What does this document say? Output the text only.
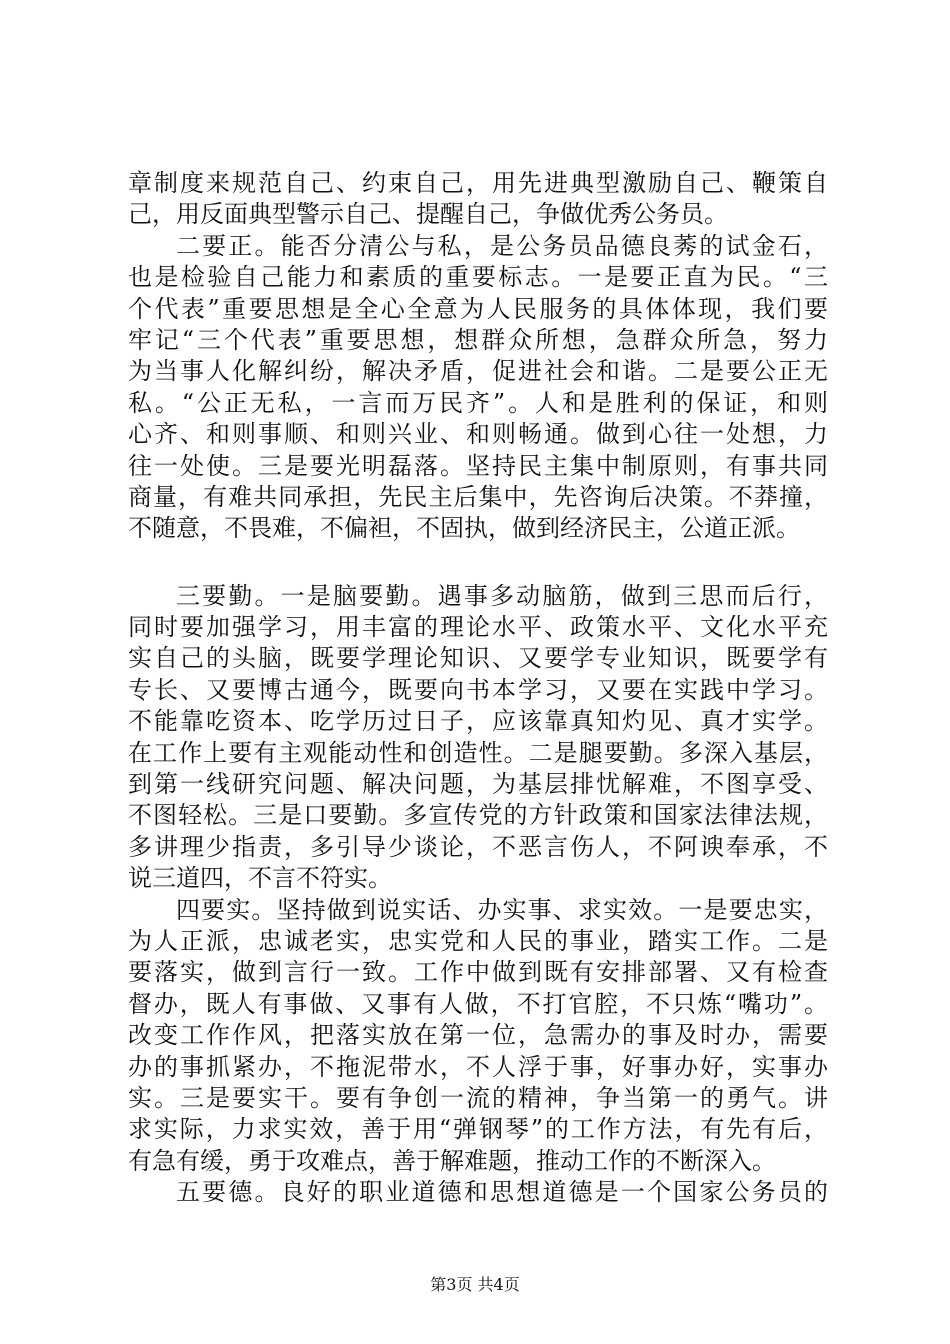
章制度来规范自己、约束自己，用先进典型激励自己、鞭策自
己，用反面典型警示自己、提醒自己，争做优秀公务员。
二要正。能否分清公与私，是公务员品德良莠的试金石，
也是检验自己能力和素质的重要标志。一是要正直为民。“三
个代表”重要思想是全心全意为人民服务的具体体现，我们要
牢记“三个代表”重要思想，想群众所想，急群众所急，努力
为当事人化解纠纷，解决矛盾，促进社会和谐。二是要公正无
私。“公正无私，一言而万民齐”。人和是胜利的保证，和则
心齐、和则事顺、和则兴业、和则畅通。做到心往一处想，力
往一处使。三是要光明磊落。坚持民主集中制原则，有事共同
商量，有难共同承担，先民主后集中，先咨询后决策。不莽撞，
不随意，不畏难，不偏袒，不固执，做到经济民主，公道正派。
三要勤。一是脑要勤。遇事多动脑筋，做到三思而后行，
同时要加强学习，用丰富的理论水平、政策水平、文化水平充
实自己的头脑，既要学理论知识、又要学专业知识，既要学有
专长、又要博古通今，既要向书本学习，又要在实践中学习。
不能靠吃资本、吃学历过日子，应该靠真知灼见、真才实学。
在工作上要有主观能动性和创造性。二是腿要勤。多深入基层，
到第一线研究问题、解决问题，为基层排忧解难，不图享受、
不图轻松。三是口要勤。多宣传党的方针政策和国家法律法规，
多讲理少指责，多引导少谈论，不恶言伤人，不阿谀奉承，不
说三道四，不言不符实。
四要实。坚持做到说实话、办实事、求实效。一是要忠实，
为人正派，忠诚老实，忠实党和人民的事业，踏实工作。二是
要落实，做到言行一致。工作中做到既有安排部署、又有检查
督办，既人有事做、又事有人做，不打官腔，不只炼“嘴功”。
改变工作作风，把落实放在第一位，急需办的事及时办，需要
办的事抓紧办，不拖泥带水，不人浮于事，好事办好，实事办
实。三是要实干。要有争创一流的精神，争当第一的勇气。讲
求实际，力求实效，善于用“弹钢琴”的工作方法，有先有后，
有急有缓，勇于攻难点，善于解难题，推动工作的不断深入。
五要德。良好的职业道德和思想道德是一个国家公务员的
第3页 共4页
